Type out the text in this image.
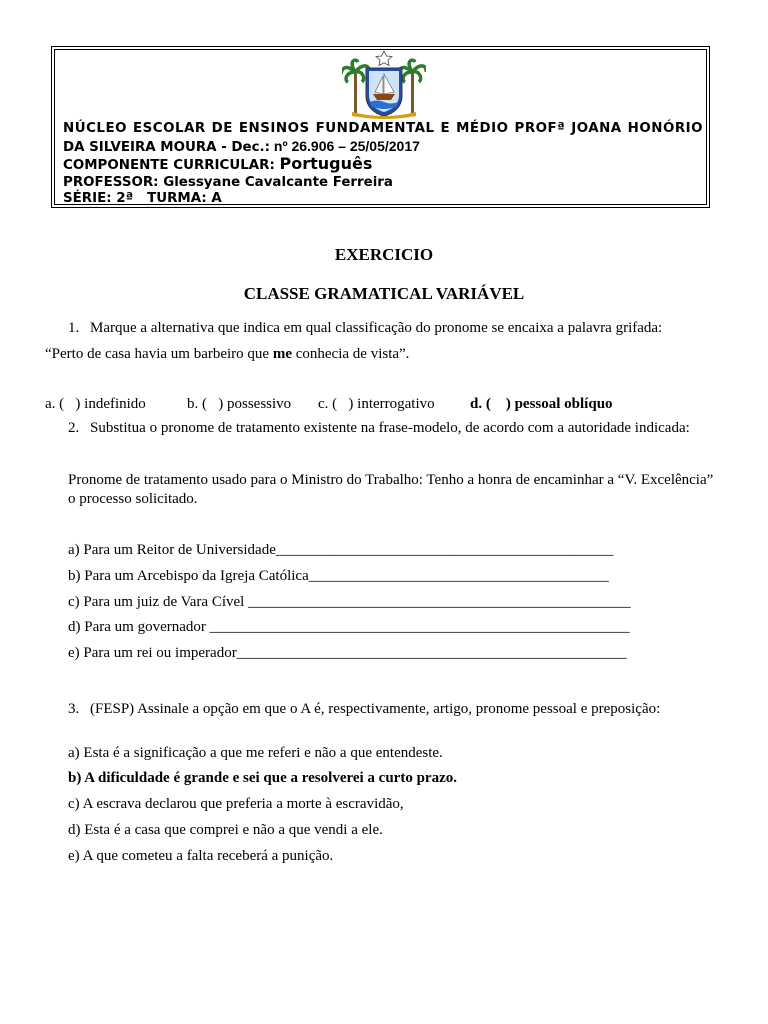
NÚCLEO ESCOLAR DE ENSINOS FUNDAMENTAL E MÉDIO PROFª JOANA HONÓRIO
DA SILVEIRA MOURA - Dec.: nº 26.906 – 25/05/2017
COMPONENTE CURRICULAR: Português
PROFESSOR: Glessyane Cavalcante Ferreira
SÉRIE: 2ª   TURMA: A
EXERCICIO
CLASSE GRAMATICAL VARIÁVEL
1. Marque a alternativa que indica em qual classificação do pronome se encaixa a palavra grifada:
“Perto de casa havia um barbeiro que me conhecia de vista”.
a. (   ) indefinido	b. (   ) possessivo c. (   ) interrogativo d. (    ) pessoal oblíquo
2. Substitua o pronome de tratamento existente na frase-modelo, de acordo com a autoridade indicada:
Pronome de tratamento usado para o Ministro do Trabalho: Tenho a honra de encaminhar a “V. Excelência”
o processo solicitado.
a) Para um Reitor de Universidade_____________________________________________
b) Para um Arcebispo da Igreja Católica________________________________________
c) Para um juiz de Vara Cível ___________________________________________________
d) Para um governador ________________________________________________________
e) Para um rei ou imperador____________________________________________________
3. (FESP) Assinale a opção em que o A é, respectivamente, artigo, pronome pessoal e preposição:
a) Esta é a significação a que me referi e não a que entendeste.
b) A dificuldade é grande e sei que a resolverei a curto prazo.
c) A escrava declarou que preferia a morte à escravidão,
d) Esta é a casa que comprei e não a que vendi a ele.
e) A que cometeu a falta receberá a punição.
